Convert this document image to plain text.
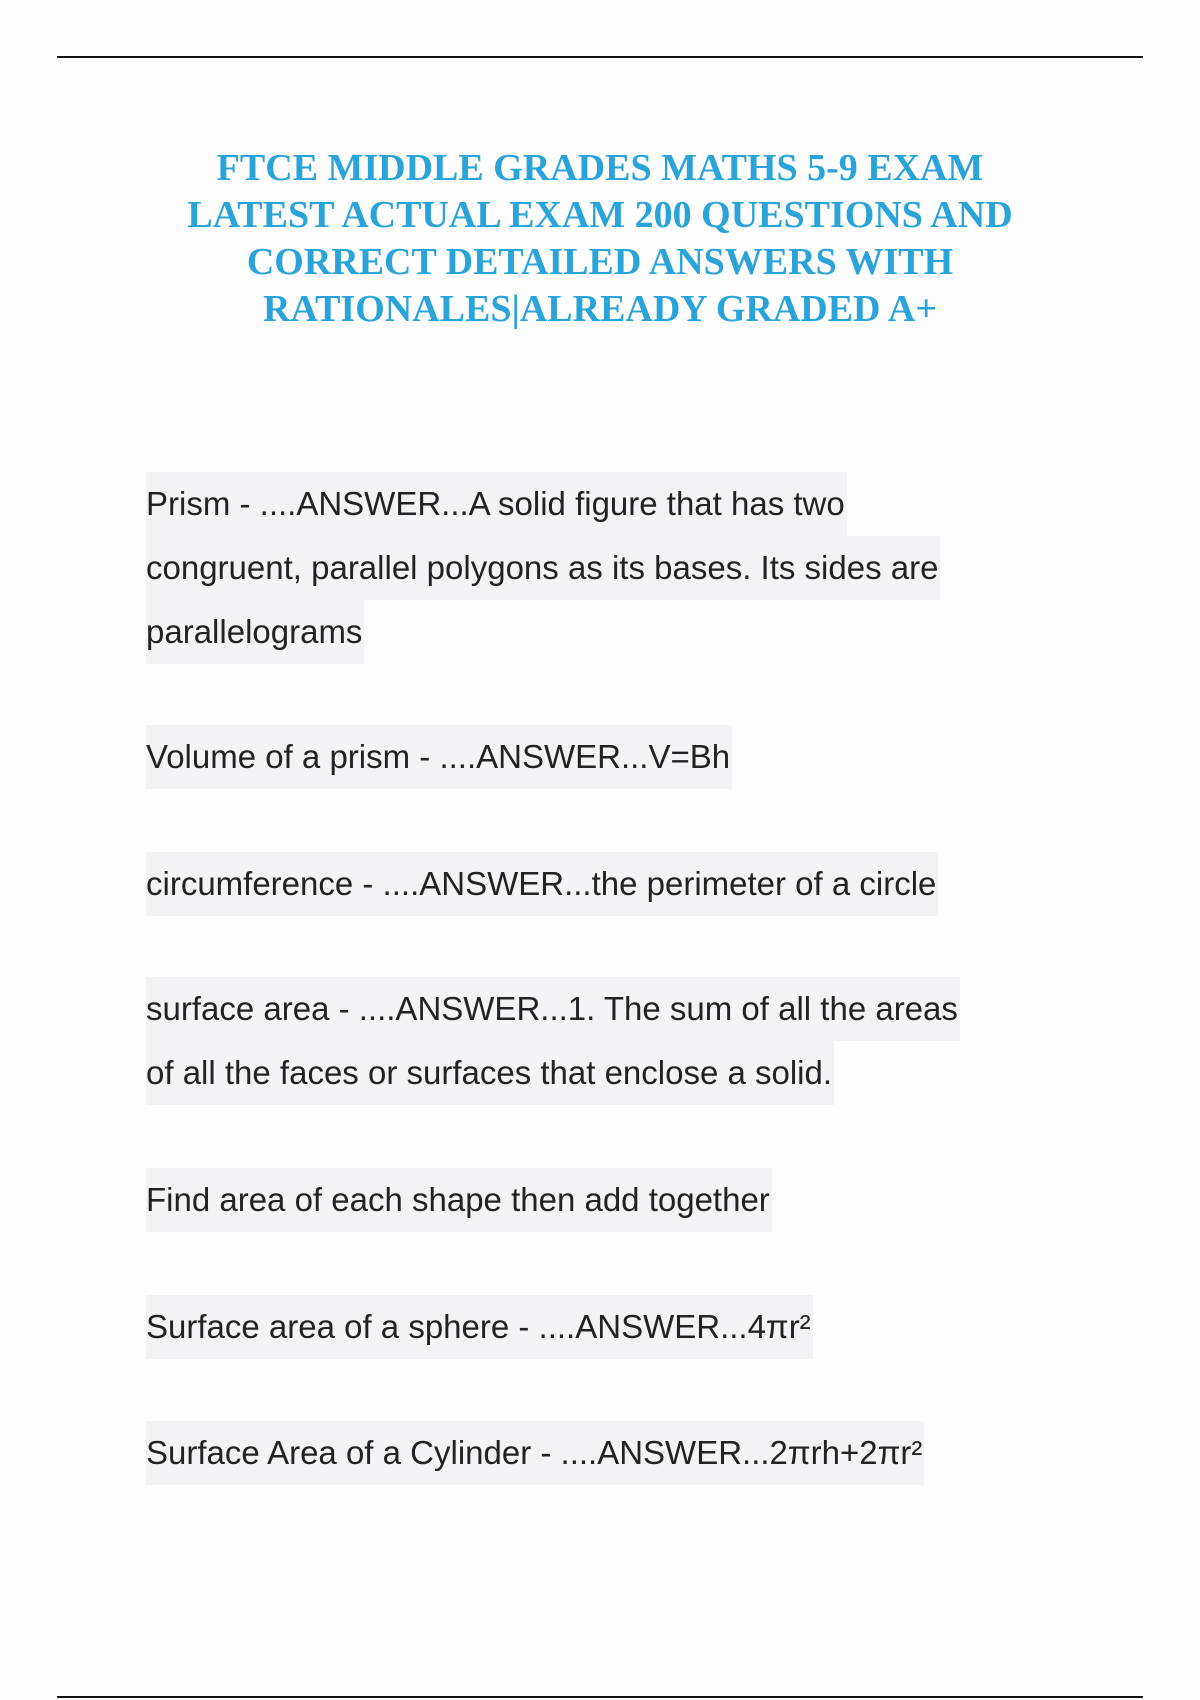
FTCE MIDDLE GRADES MATHS 5-9 EXAM
LATEST ACTUAL EXAM 200 QUESTIONS AND
CORRECT DETAILED ANSWERS WITH
RATIONALES|ALREADY GRADED A+
Prism - ....ANSWER...A solid figure that has two
congruent, parallel polygons as its bases. Its sides are
parallelograms
Volume of a prism - ....ANSWER...V=Bh
circumference - ....ANSWER...the perimeter of a circle
surface area - ....ANSWER...1. The sum of all the areas
of all the faces or surfaces that enclose a solid.
Find area of each shape then add together
Surface area of a sphere - ....ANSWER...4πr²
Surface Area of a Cylinder - ....ANSWER...2πrh+2πr²
